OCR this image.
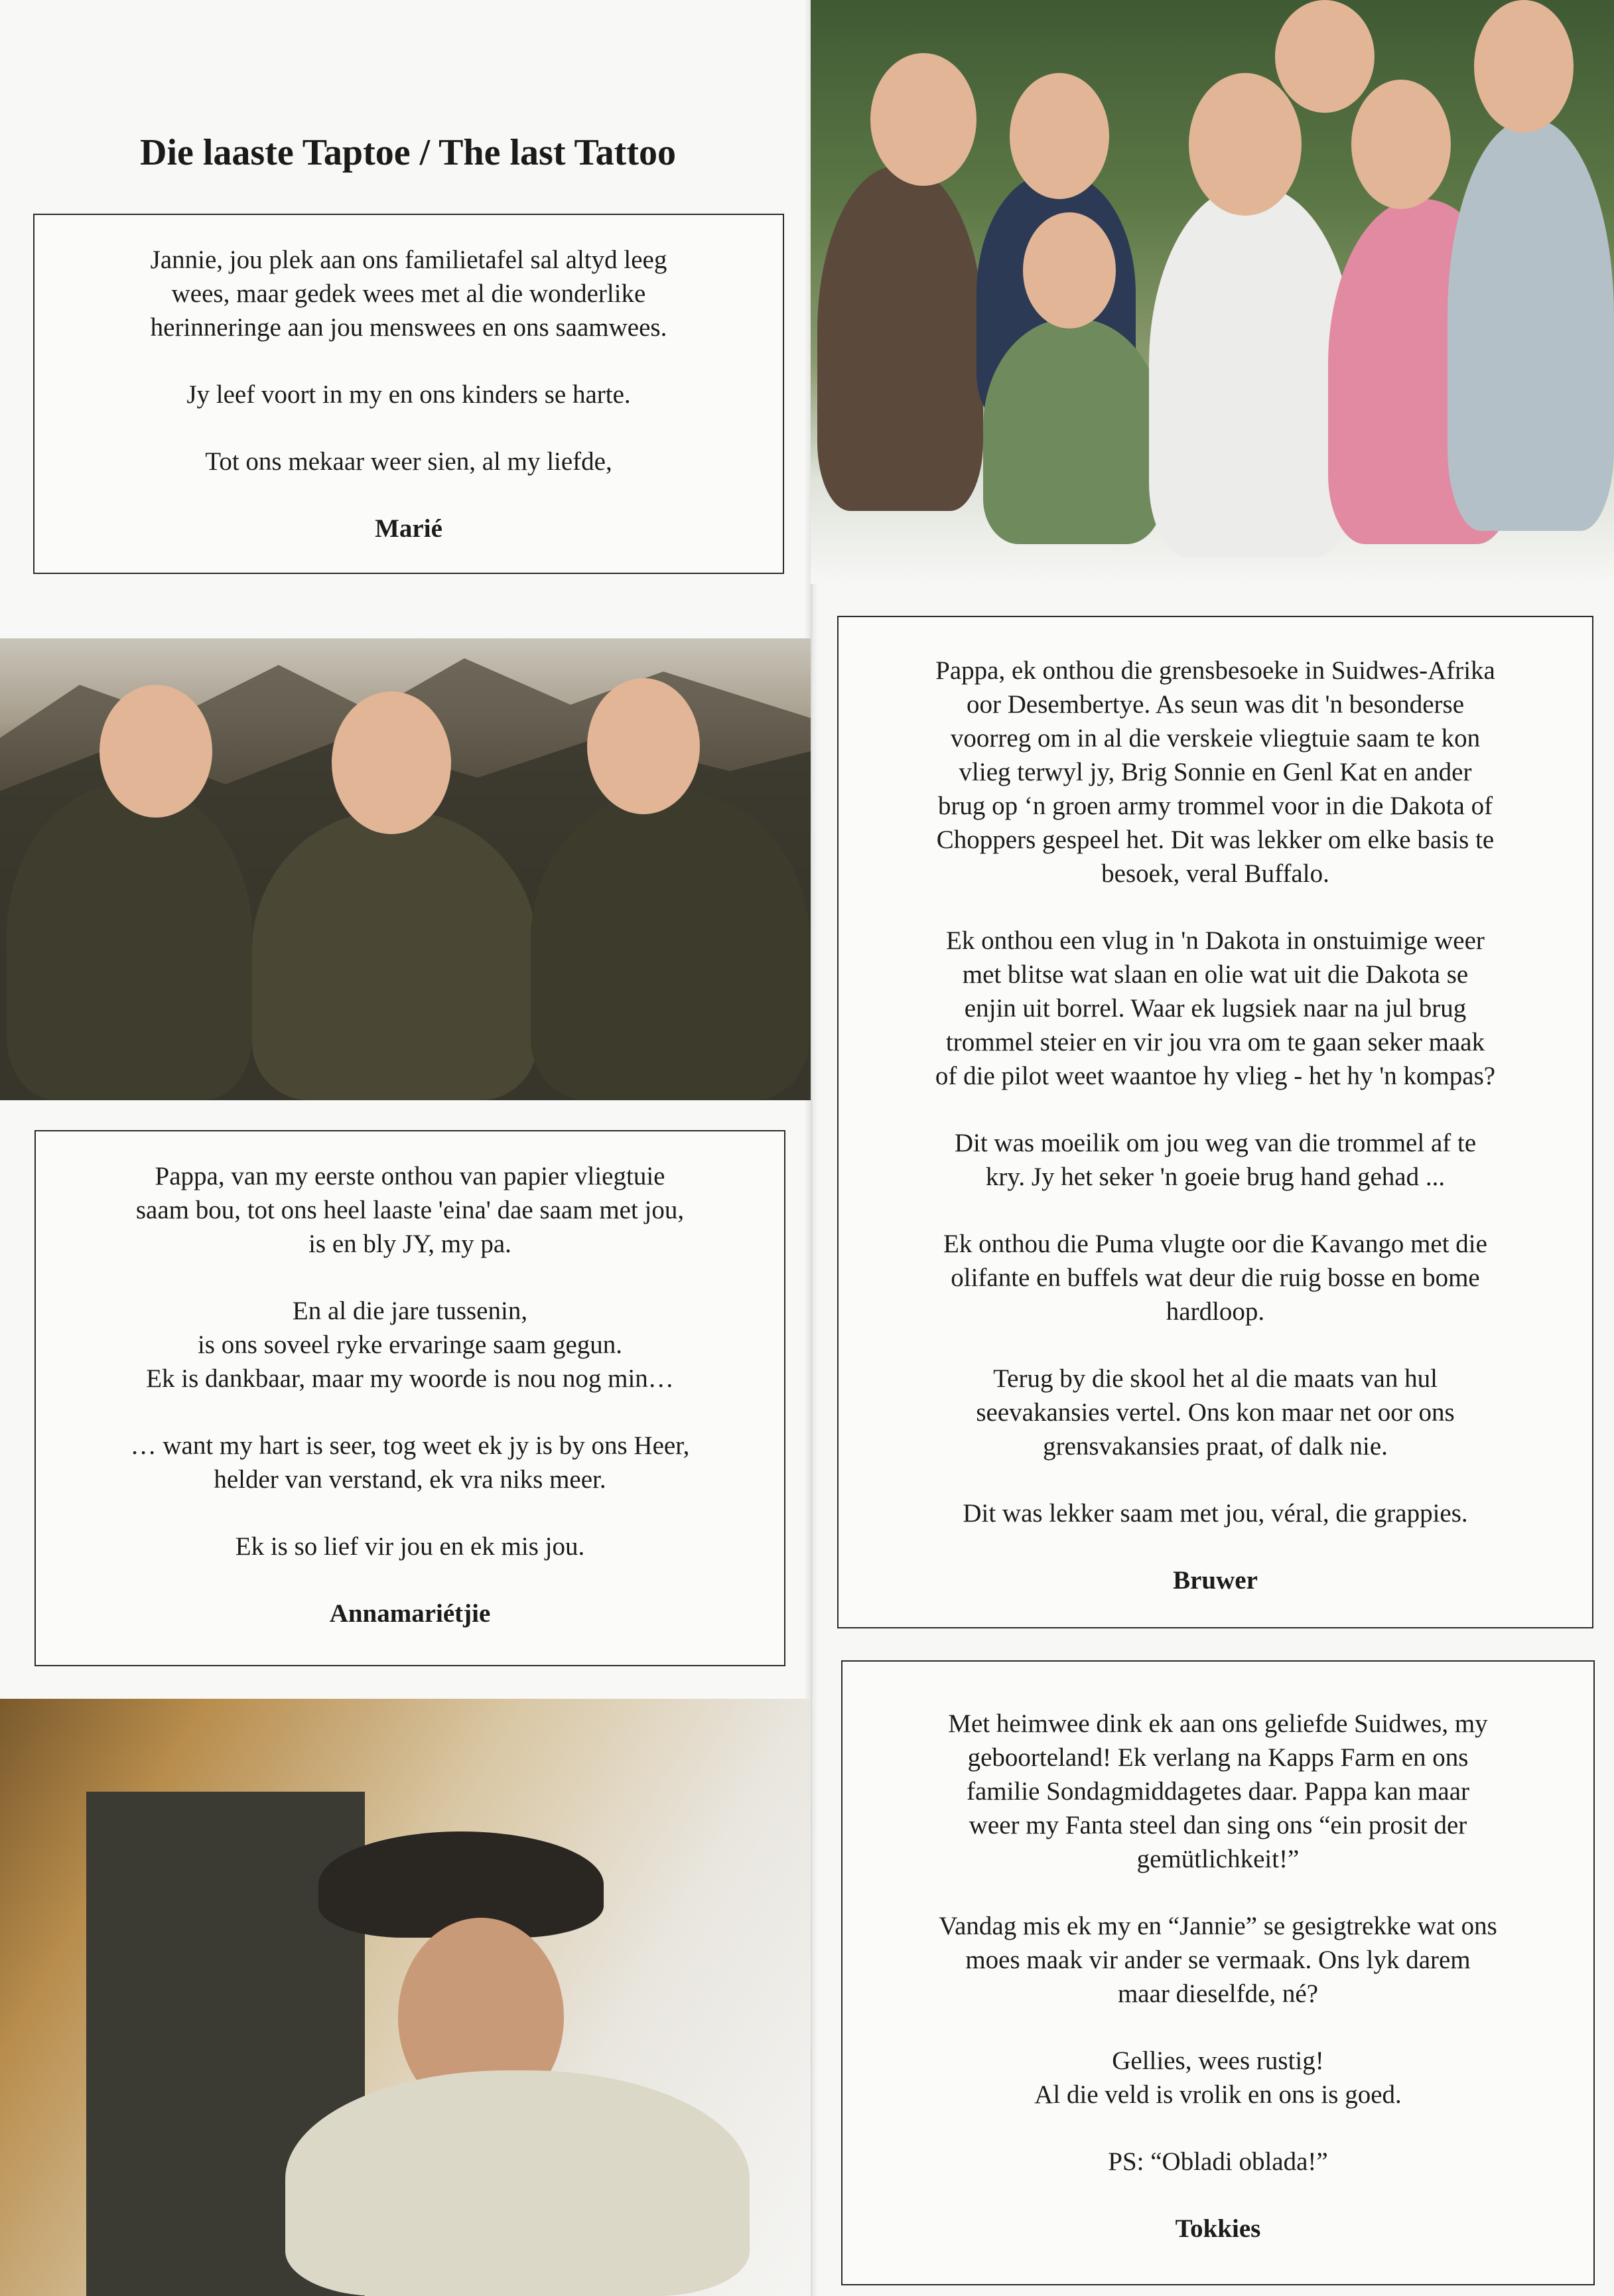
Die laaste Taptoe / The last Tattoo

Jannie, jou plek aan ons familietafel sal altyd leeg
wees, maar gedek wees met al die wonderlike
herinneringe aan jou menswees en ons saamwees.

Jy leef voort in my en ons kinders se harte.

Tot ons mekaar weer sien, al my liefde,

Marié

Pappa, van my eerste onthou van papier vliegtuie
saam bou, tot ons heel laaste 'eina' dae saam met jou,
is en bly JY, my pa.

En al die jare tussenin,
is ons soveel ryke ervaringe saam gegun.
Ek is dankbaar, maar my woorde is nou nog min…

… want my hart is seer, tog weet ek jy is by ons Heer,
helder van verstand, ek vra niks meer.

Ek is so lief vir jou en ek mis jou.

Annamariétjie

Pappa, ek onthou die grensbesoeke in Suidwes-Afrika
oor Desembertye. As seun was dit 'n besonderse
voorreg om in al die verskeie vliegtuie saam te kon
vlieg terwyl jy, Brig Sonnie en Genl Kat en ander
brug op ‘n groen army trommel voor in die Dakota of
Choppers gespeel het. Dit was lekker om elke basis te
besoek, veral Buffalo.

Ek onthou een vlug in 'n Dakota in onstuimige weer
met blitse wat slaan en olie wat uit die Dakota se
enjin uit borrel. Waar ek lugsiek naar na jul brug
trommel steier en vir jou vra om te gaan seker maak
of die pilot weet waantoe hy vlieg - het hy 'n kompas?

Dit was moeilik om jou weg van die trommel af te
kry. Jy het seker 'n goeie brug hand gehad ...

Ek onthou die Puma vlugte oor die Kavango met die
olifante en buffels wat deur die ruig bosse en bome
hardloop.

Terug by die skool het al die maats van hul
seevakansies vertel. Ons kon maar net oor ons
grensvakansies praat, of dalk nie.

Dit was lekker saam met jou, véral, die grappies.

Bruwer

Met heimwee dink ek aan ons geliefde Suidwes, my
geboorteland! Ek verlang na Kapps Farm en ons
familie Sondagmiddagetes daar. Pappa kan maar
weer my Fanta steel dan sing ons “ein prosit der
gemütlichkeit!”

Vandag mis ek my en “Jannie” se gesigtrekke wat ons
moes maak vir ander se vermaak. Ons lyk darem
maar dieselfde, né?

Gellies, wees rustig!
Al die veld is vrolik en ons is goed.

PS: “Obladi oblada!”

Tokkies
